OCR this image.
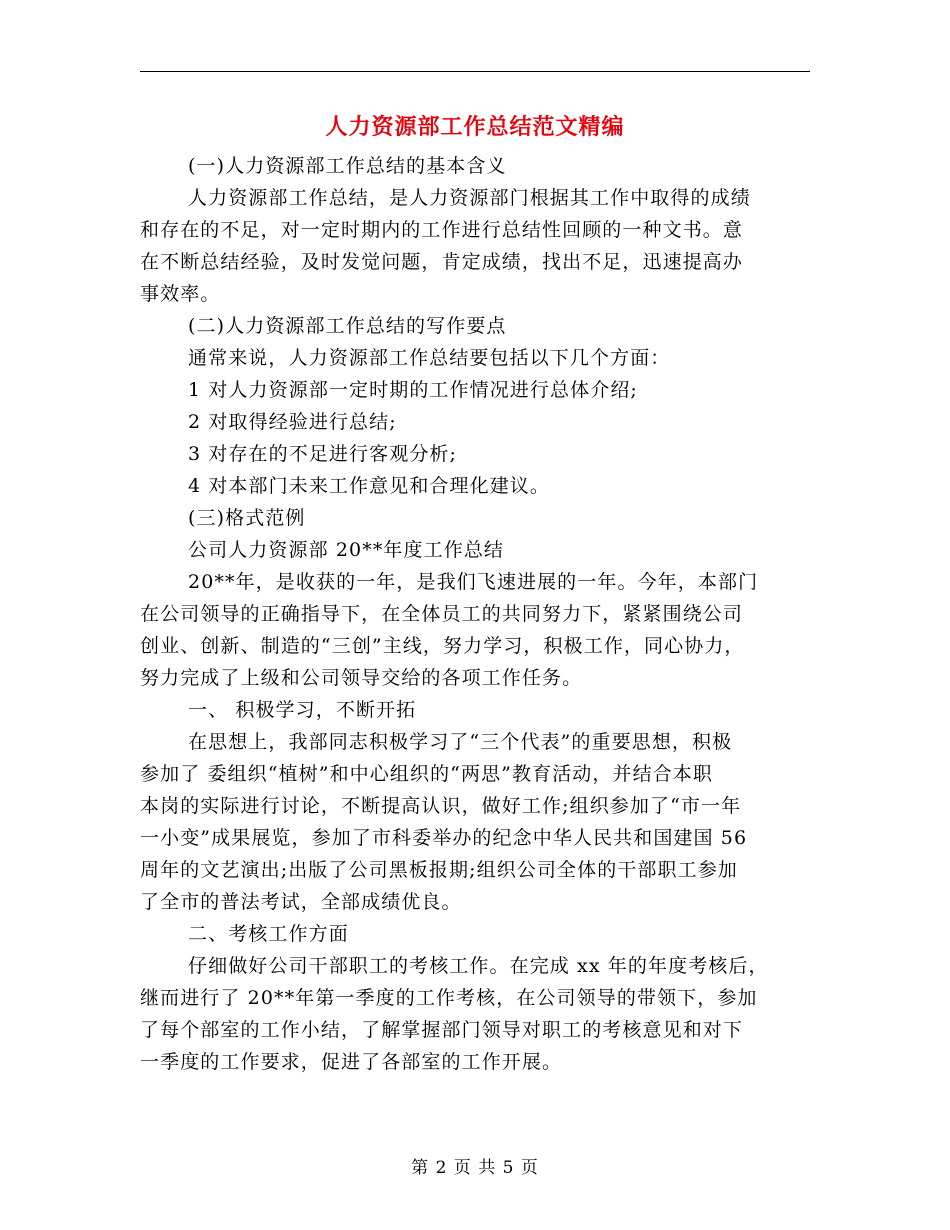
人力资源部工作总结范文精编
(一)人力资源部工作总结的基本含义
人力资源部工作总结，是人力资源部门根据其工作中取得的成绩
和存在的不足，对一定时期内的工作进行总结性回顾的一种文书。意
在不断总结经验，及时发觉问题，肯定成绩，找出不足，迅速提高办
事效率。
(二)人力资源部工作总结的写作要点
通常来说，人力资源部工作总结要包括以下几个方面：
1 对人力资源部一定时期的工作情况进行总体介绍;
2 对取得经验进行总结;
3 对存在的不足进行客观分析;
4 对本部门未来工作意见和合理化建议。
(三)格式范例
公司人力资源部 20**年度工作总结
20**年，是收获的一年，是我们飞速进展的一年。今年，本部门
在公司领导的正确指导下，在全体员工的共同努力下，紧紧围绕公司
创业、创新、制造的“三创”主线，努力学习，积极工作，同心协力，
努力完成了上级和公司领导交给的各项工作任务。
一、 积极学习，不断开拓
在思想上，我部同志积极学习了“三个代表”的重要思想，积极
参加了 委组织“植树”和中心组织的“两思”教育活动，并结合本职
本岗的实际进行讨论，不断提高认识，做好工作;组织参加了“市一年
一小变”成果展览，参加了市科委举办的纪念中华人民共和国建国 56
周年的文艺演出;出版了公司黑板报期;组织公司全体的干部职工参加
了全市的普法考试，全部成绩优良。
二、考核工作方面
仔细做好公司干部职工的考核工作。在完成 xx 年的年度考核后，
继而进行了 20**年第一季度的工作考核，在公司领导的带领下，参加
了每个部室的工作小结，了解掌握部门领导对职工的考核意见和对下
一季度的工作要求，促进了各部室的工作开展。
第 2 页 共 5 页
